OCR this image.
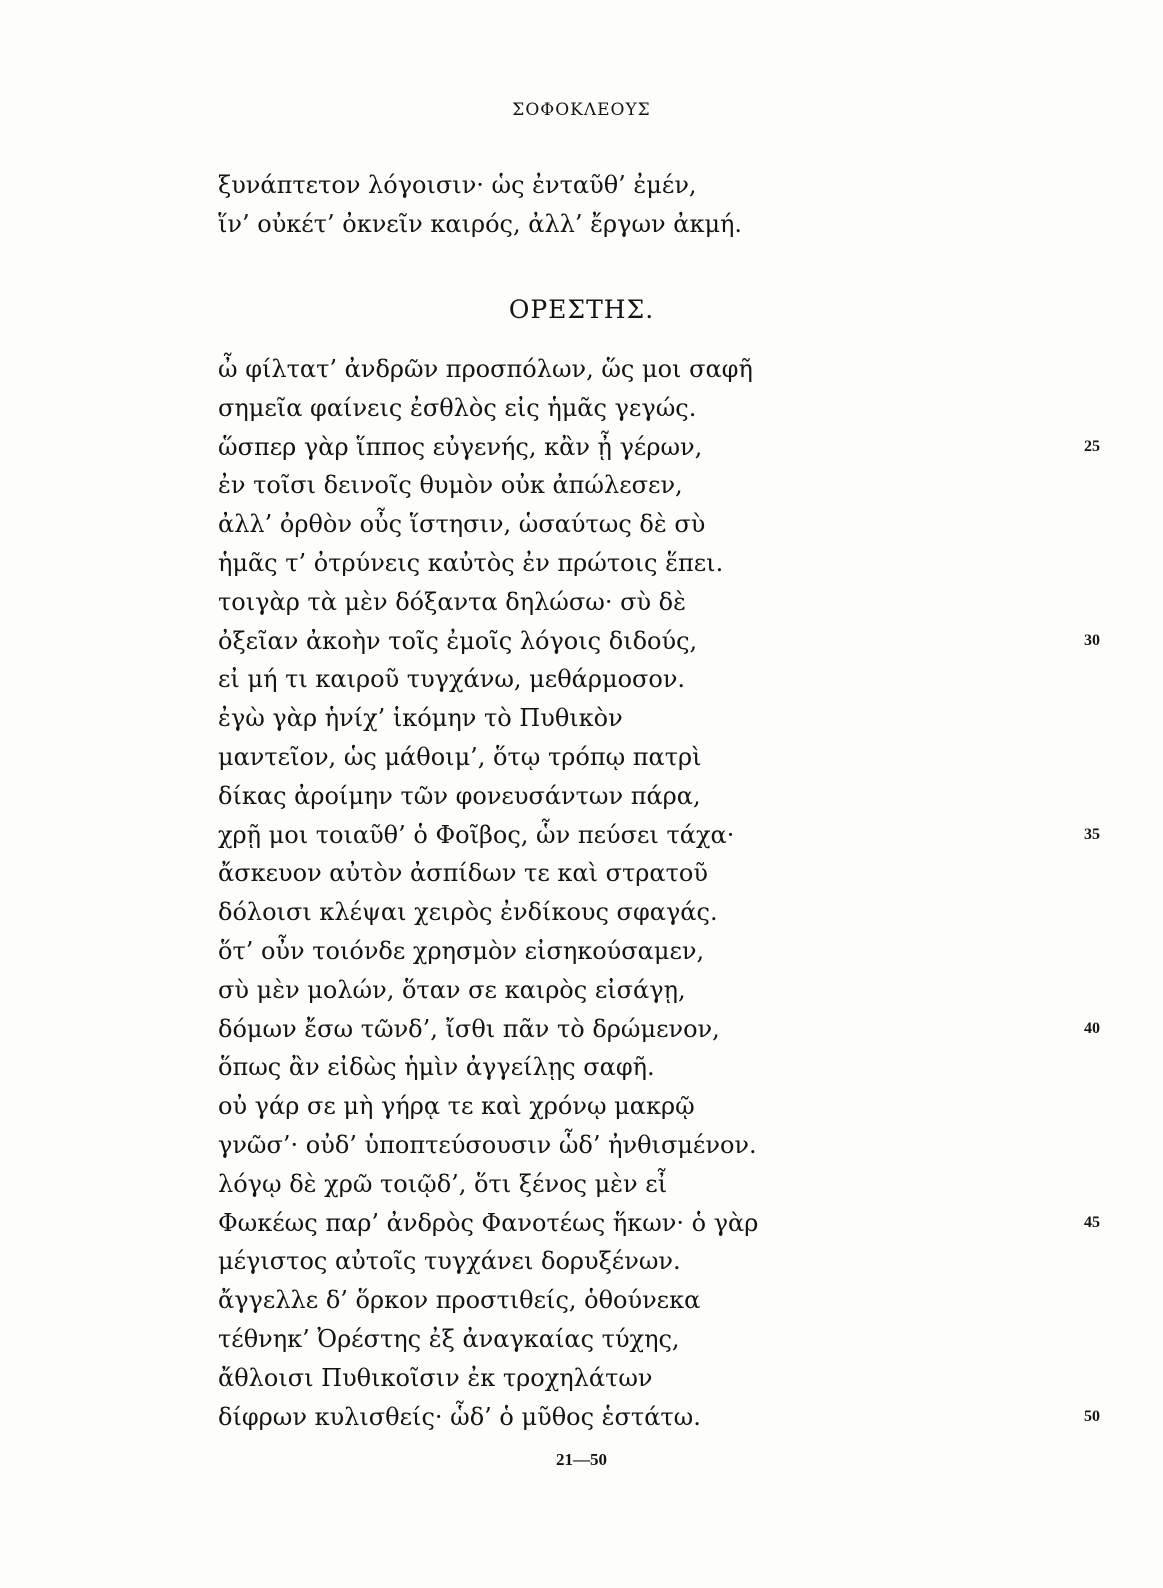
ΣΟΦΟΚΛΕΟΥΣ
ξυνάπτετον λόγοισιν· ὡς ἐνταῦθ’ ἐμέν,
ἵν’ οὐκέτ’ ὀκνεῖν καιρός, ἀλλ’ ἔργων ἀκμή.
ΟΡΕΣΤΗΣ.
ὦ φίλτατ’ ἀνδρῶν προσπόλων, ὥς μοι σαφῆ
σημεῖα φαίνεις ἐσθλὸς εἰς ἡμᾶς γεγώς.
ὥσπερ γὰρ ἵππος εὐγενής, κἂν ᾖ γέρων,	25
ἐν τοῖσι δεινοῖς θυμὸν οὐκ ἀπώλεσεν,
ἀλλ’ ὀρθὸν οὖς ἵστησιν, ὡσαύτως δὲ σὺ
ἡμᾶς τ’ ὀτρύνεις καὐτὸς ἐν πρώτοις ἕπει.
τοιγὰρ τὰ μὲν δόξαντα δηλώσω· σὺ δὲ
ὀξεῖαν ἀκοὴν τοῖς ἐμοῖς λόγοις διδούς,	30
εἰ μή τι καιροῦ τυγχάνω, μεθάρμοσον.
ἐγὼ γὰρ ἡνίχ’ ἱκόμην τὸ Πυθικὸν
μαντεῖον, ὡς μάθοιμ’, ὅτῳ τρόπῳ πατρὶ
δίκας ἀροίμην τῶν φονευσάντων πάρα,
χρῇ μοι τοιαῦθ’ ὁ Φοῖβος, ὧν πεύσει τάχα·	35
ἄσκευον αὐτὸν ἀσπίδων τε καὶ στρατοῦ
δόλοισι κλέψαι χειρὸς ἐνδίκους σφαγάς.
ὅτ’ οὖν τοιόνδε χρησμὸν εἰσηκούσαμεν,
σὺ μὲν μολών, ὅταν σε καιρὸς εἰσάγῃ,
δόμων ἔσω τῶνδ’, ἴσθι πᾶν τὸ δρώμενον,	40
ὅπως ἂν εἰδὼς ἡμὶν ἀγγείλῃς σαφῆ.
οὐ γάρ σε μὴ γήρᾳ τε καὶ χρόνῳ μακρῷ
γνῶσ’· οὐδ’ ὑποπτεύσουσιν ὧδ’ ἠνθισμένον.
λόγῳ δὲ χρῶ τοιῷδ’, ὅτι ξένος μὲν εἶ
Φωκέως παρ’ ἀνδρὸς Φανοτέως ἥκων· ὁ γὰρ	45
μέγιστος αὐτοῖς τυγχάνει δορυξένων.
ἄγγελλε δ’ ὅρκον προστιθείς, ὁθούνεκα
τέθνηκ’ Ὀρέστης ἐξ ἀναγκαίας τύχης,
ἄθλοισι Πυθικοῖσιν ἐκ τροχηλάτων
δίφρων κυλισθείς· ὧδ’ ὁ μῦθος ἑστάτω.	50
21—50
